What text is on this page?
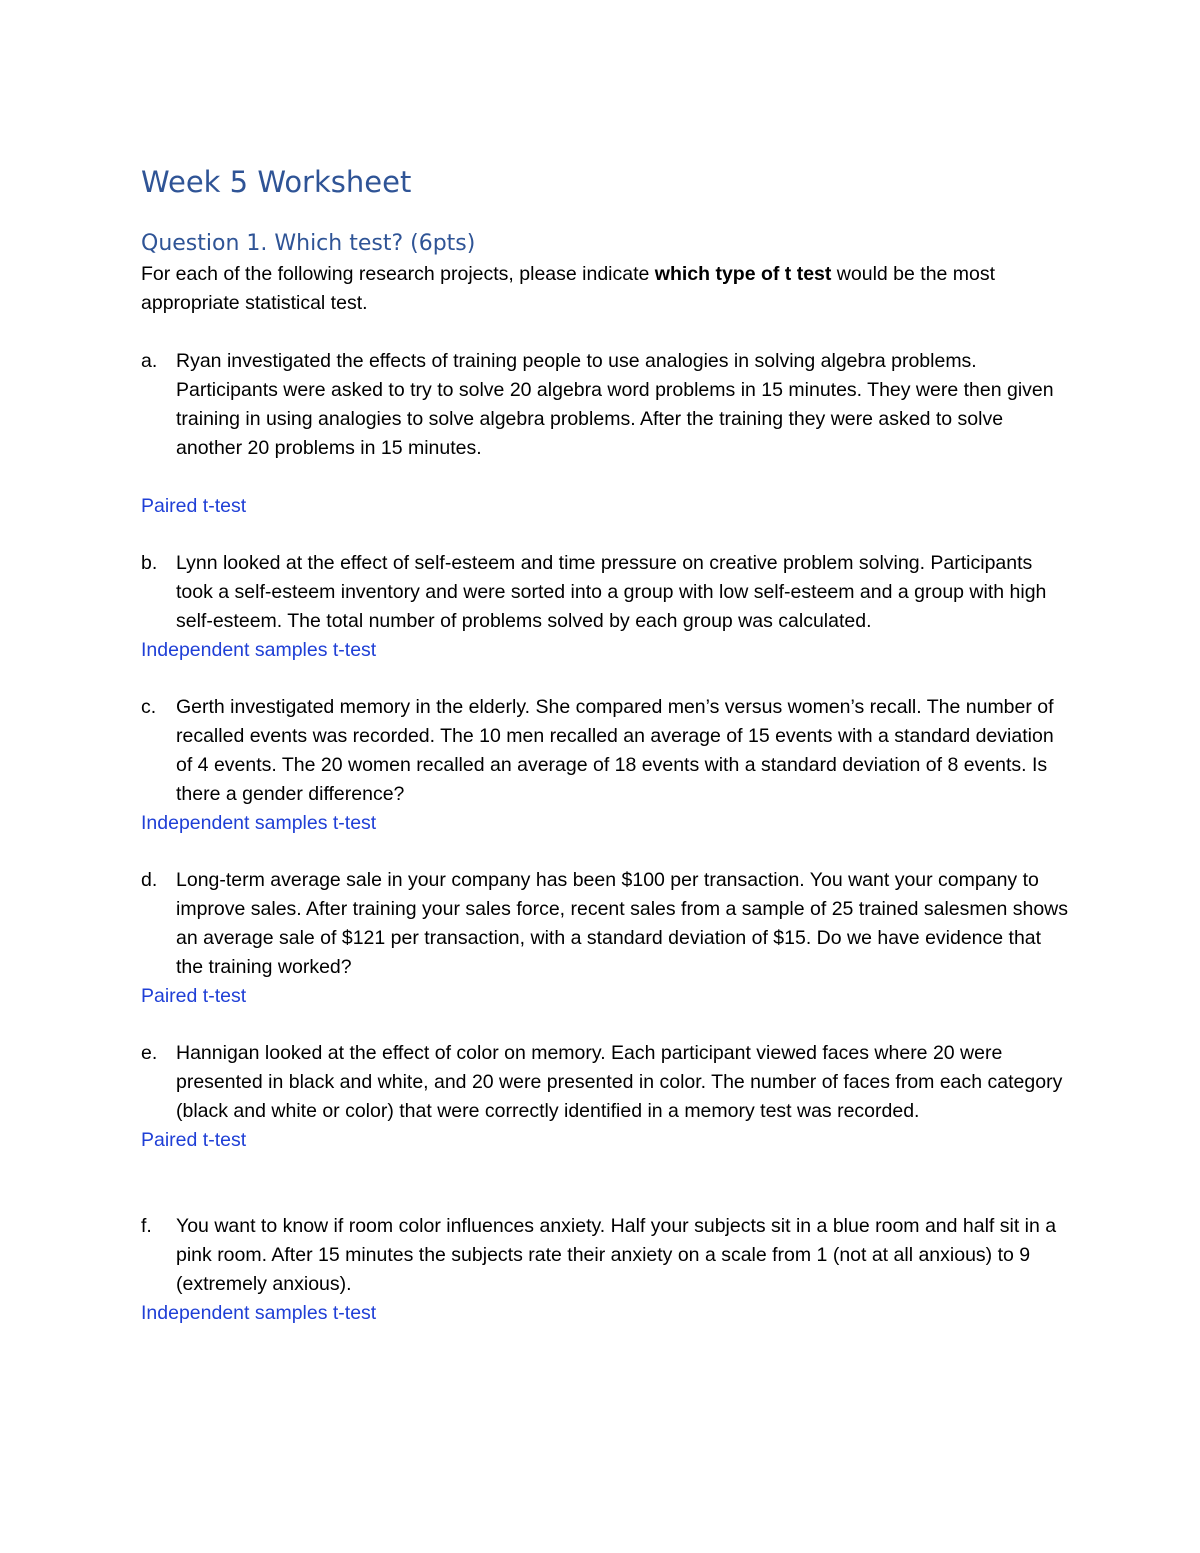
Week 5 Worksheet
Question 1. Which test? (6pts)

For each of the following research projects, please indicate which type of t test would be the most appropriate statistical test.

a. Ryan investigated the effects of training people to use analogies in solving algebra problems. Participants were asked to try to solve 20 algebra word problems in 15 minutes. They were then given training in using analogies to solve algebra problems. After the training they were asked to solve another 20 problems in 15 minutes.

Paired t-test

b. Lynn looked at the effect of self-esteem and time pressure on creative problem solving. Participants took a self-esteem inventory and were sorted into a group with low self-esteem and a group with high self-esteem. The total number of problems solved by each group was calculated.

Independent samples t-test

c. Gerth investigated memory in the elderly. She compared men’s versus women’s recall. The number of recalled events was recorded. The 10 men recalled an average of 15 events with a standard deviation of 4 events. The 20 women recalled an average of 18 events with a standard deviation of 8 events. Is there a gender difference?

Independent samples t-test

d. Long-term average sale in your company has been $100 per transaction. You want your company to improve sales. After training your sales force, recent sales from a sample of 25 trained salesmen shows an average sale of $121 per transaction, with a standard deviation of $15. Do we have evidence that the training worked?

Paired t-test

e. Hannigan looked at the effect of color on memory. Each participant viewed faces where 20 were presented in black and white, and 20 were presented in color. The number of faces from each category (black and white or color) that were correctly identified in a memory test was recorded.

Paired t-test

f. You want to know if room color influences anxiety. Half your subjects sit in a blue room and half sit in a pink room. After 15 minutes the subjects rate their anxiety on a scale from 1 (not at all anxious) to 9 (extremely anxious).

Independent samples t-test
